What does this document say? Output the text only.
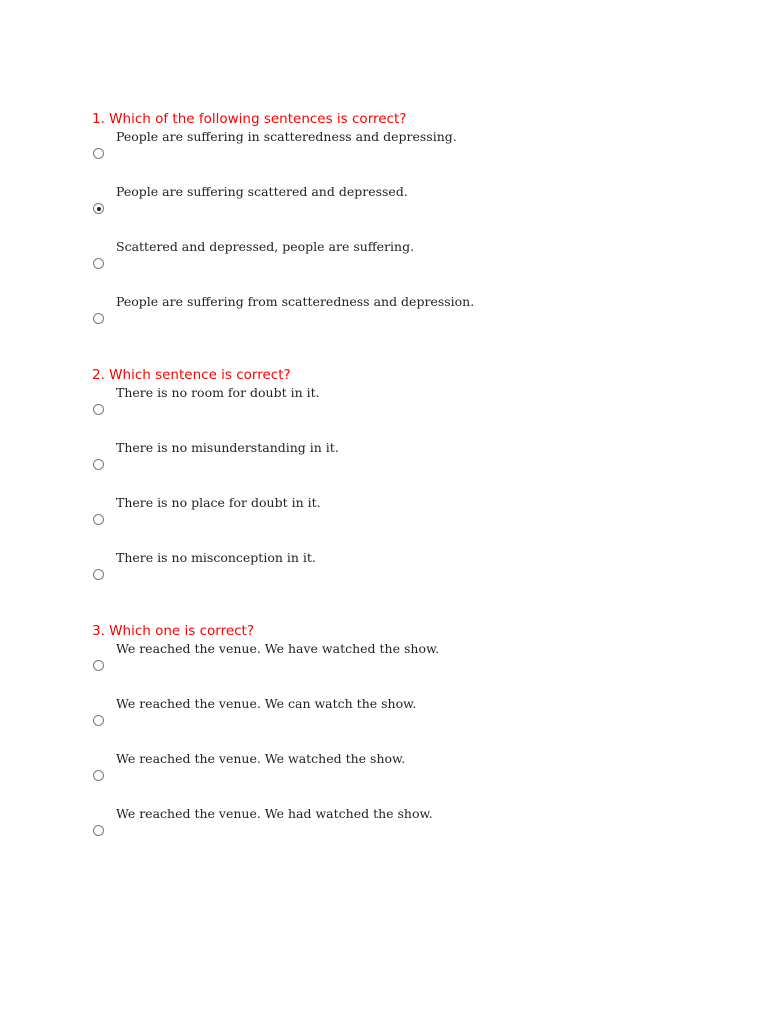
1. Which of the following sentences is correct?

People are suffering in scatteredness and depressing.
People are suffering scattered and depressed.
Scattered and depressed, people are suffering.
People are suffering from scatteredness and depression.

2. Which sentence is correct?

There is no room for doubt in it.
There is no misunderstanding in it.
There is no place for doubt in it.
There is no misconception in it.

3. Which one is correct?

We reached the venue. We have watched the show.
We reached the venue. We can watch the show.
We reached the venue. We watched the show.
We reached the venue. We had watched the show.
